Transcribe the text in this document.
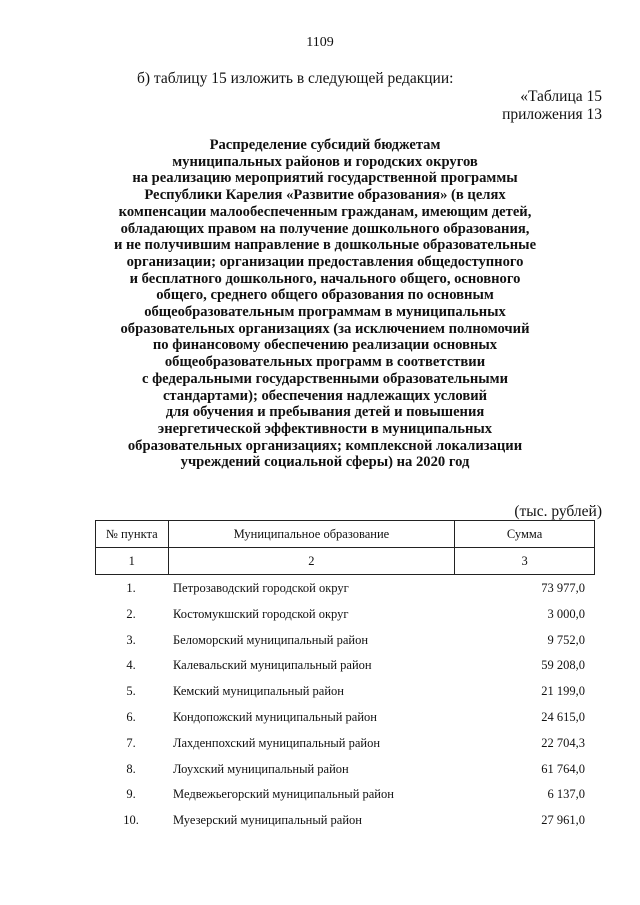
1109
б) таблицу 15 изложить в следующей редакции:
«Таблица 15
приложения 13
Распределение субсидий бюджетам
муниципальных районов и городских округов
на реализацию мероприятий государственной программы
Республики Карелия «Развитие образования» (в целях
компенсации малообеспеченным гражданам, имеющим детей,
обладающих правом на получение дошкольного образования,
и не получившим направление в дошкольные образовательные
организации; организации предоставления общедоступного
и бесплатного дошкольного, начального общего, основного
общего, среднего общего образования по основным
общеобразовательным программам в муниципальных
образовательных организациях (за исключением полномочий
по финансовому обеспечению реализации основных
общеобразовательных программ в соответствии
с федеральными государственными образовательными
стандартами); обеспечения надлежащих условий
для обучения и пребывания детей и повышения
энергетической эффективности в муниципальных
образовательных организациях; комплексной локализации
учреждений социальной сферы) на 2020 год
(тыс. рублей)
№ пункта	Муниципальное образование	Сумма
1	2	3
1.	Петрозаводский городской округ	73 977,0
2.	Костомукшский городской округ	3 000,0
3.	Беломорский муниципальный район	9 752,0
4.	Калевальский муниципальный район	59 208,0
5.	Кемский муниципальный район	21 199,0
6.	Кондопожский муниципальный район	24 615,0
7.	Лахденпохский муниципальный район	22 704,3
8.	Лоухский муниципальный район	61 764,0
9.	Медвежьегорский муниципальный район	6 137,0
10.	Муезерский муниципальный район	27 961,0
